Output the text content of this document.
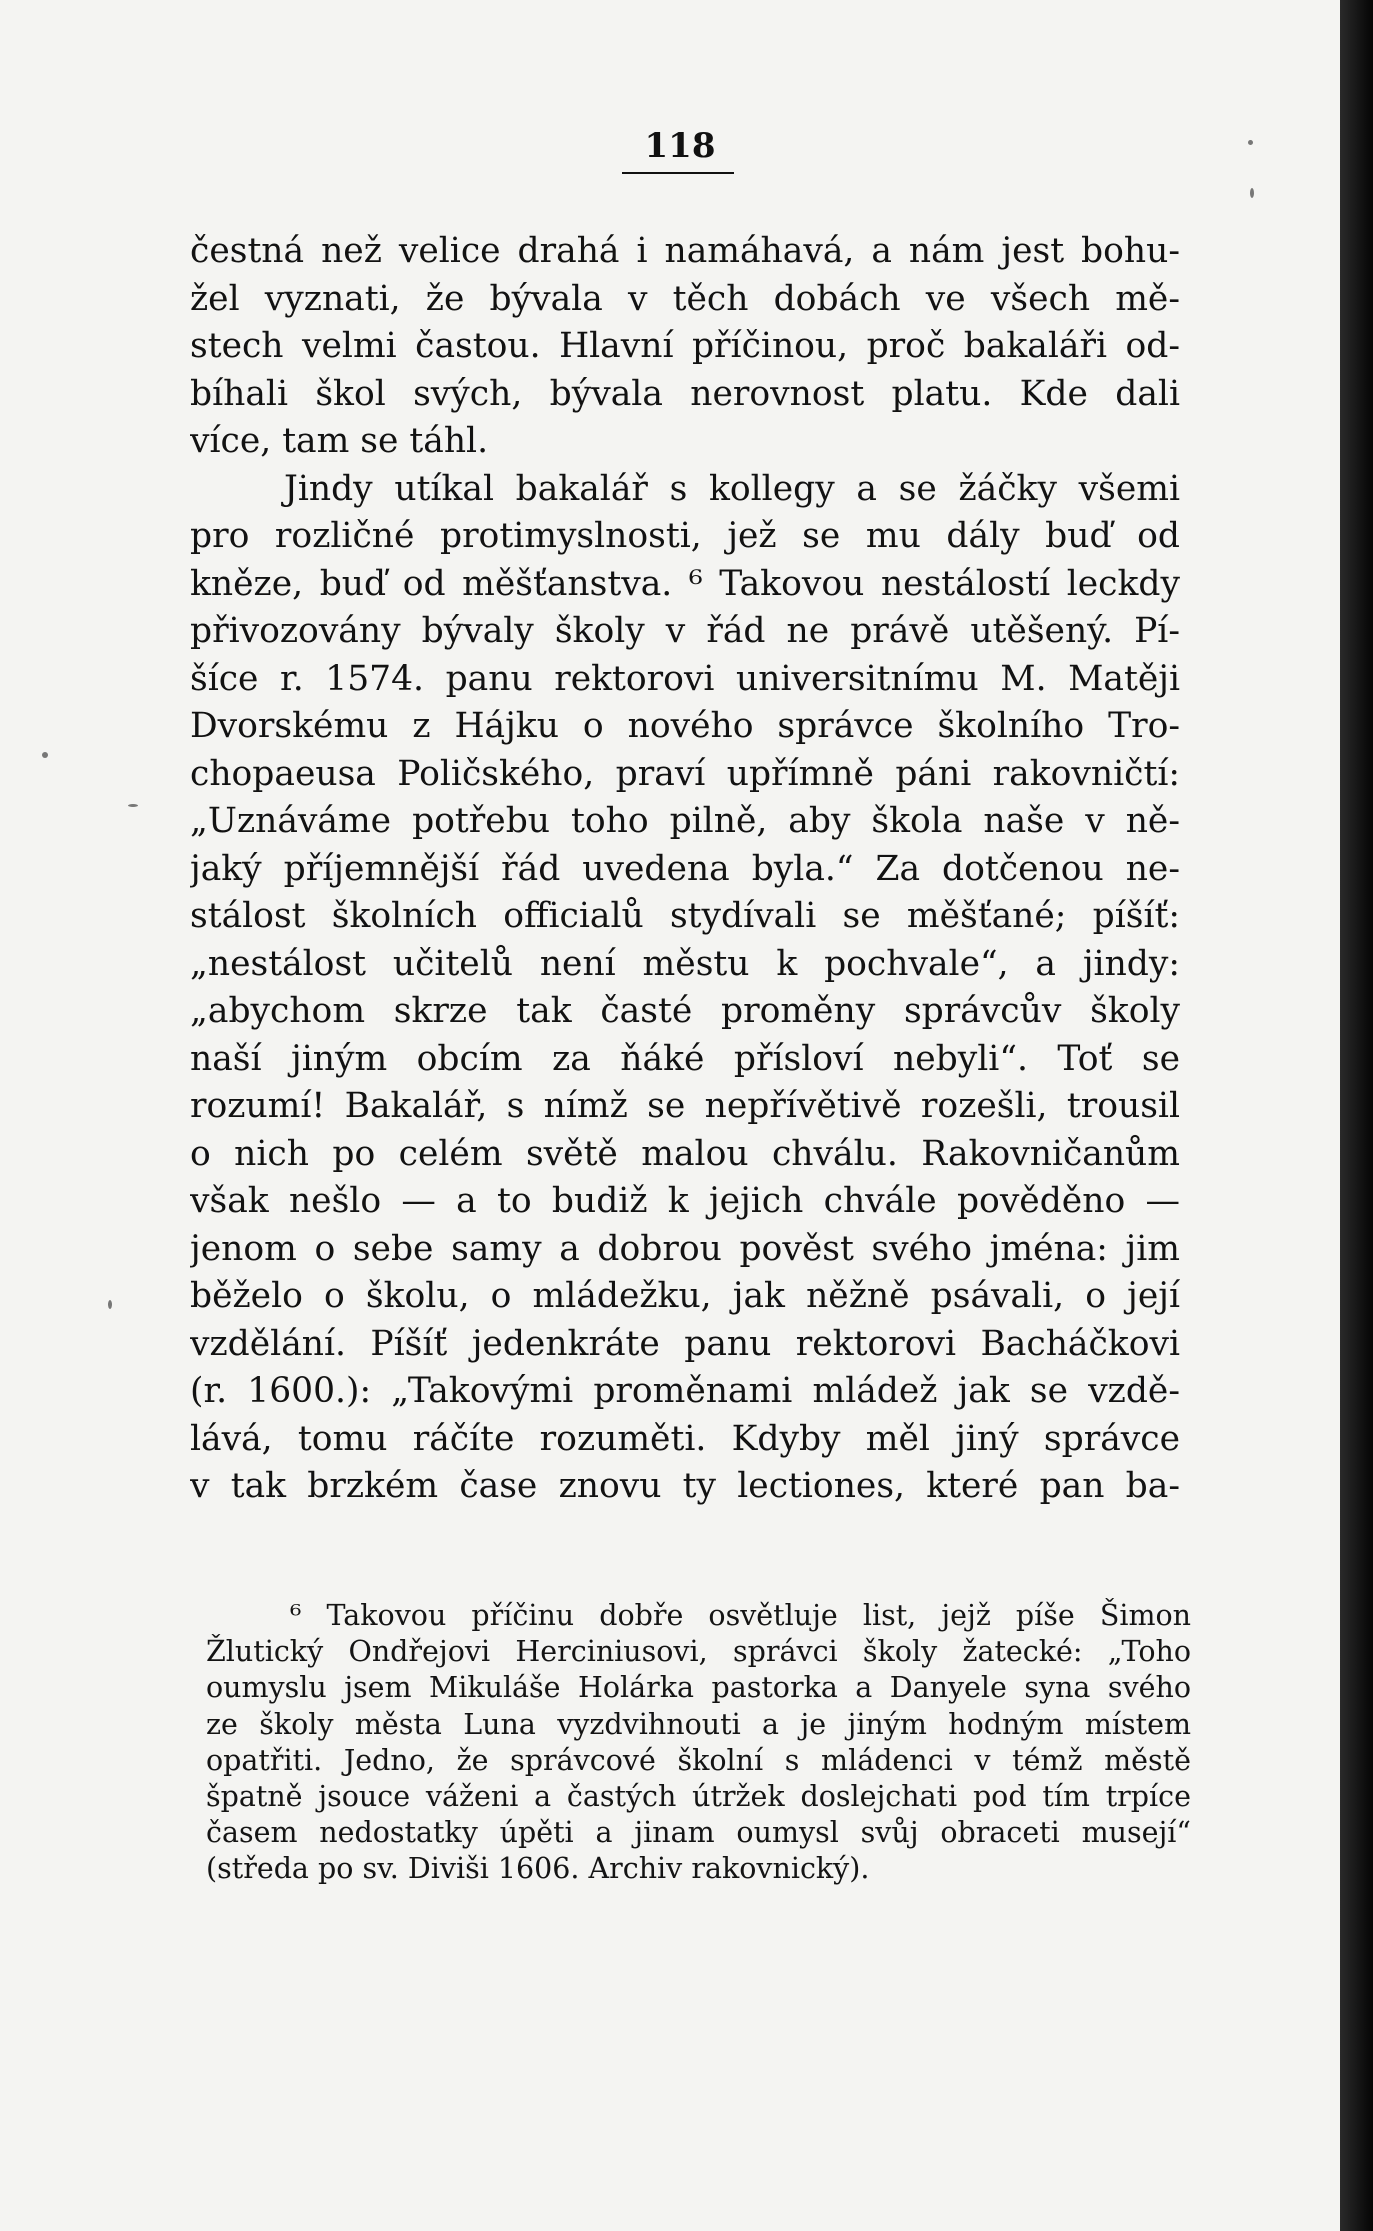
118
čestná než velice drahá i namáhavá, a nám jest bohu-
žel vyznati, že bývala v těch dobách ve všech mě-
stech velmi častou. Hlavní příčinou, proč bakaláři od-
bíhali škol svých, bývala nerovnost platu. Kde dali
více, tam se táhl.
Jindy utíkal bakalář s kollegy a se žáčky všemi
pro rozličné protimyslnosti, jež se mu dály buď od
kněze, buď od měšťanstva. ⁶ Takovou nestálostí leckdy
přivozovány bývaly školy v řád ne právě utěšený. Pí-
šíce r. 1574. panu rektorovi universitnímu M. Matěji
Dvorskému z Hájku o nového správce školního Tro-
chopaeusa Poličského, praví upřímně páni rakovničtí:
„Uznáváme potřebu toho pilně, aby škola naše v ně-
jaký příjemnější řád uvedena byla.“ Za dotčenou ne-
stálost školních officialů stydívali se měšťané; píšíť:
„nestálost učitelů není městu k pochvale“, a jindy:
„abychom skrze tak časté proměny správcův školy
naší jiným obcím za ňáké přísloví nebyli“. Toť se
rozumí! Bakalář, s nímž se nepřívětivě rozešli, trousil
o nich po celém světě malou chválu. Rakovničanům
však nešlo — a to budiž k jejich chvále pověděno —
jenom o sebe samy a dobrou pověst svého jména: jim
běželo o školu, o mládežku, jak něžně psávali, o její
vzdělání. Píšíť jedenkráte panu rektorovi Bacháčkovi
(r. 1600.): „Takovými proměnami mládež jak se vzdě-
lává, tomu ráčíte rozuměti. Kdyby měl jiný správce
v tak brzkém čase znovu ty lectiones, které pan ba-
⁶ Takovou příčinu dobře osvětluje list, jejž píše Šimon
Žlutický Ondřejovi Herciniusovi, správci školy žatecké: „Toho
oumyslu jsem Mikuláše Holárka pastorka a Danyele syna svého
ze školy města Luna vyzdvihnouti a je jiným hodným místem
opatřiti. Jedno, že správcové školní s mládenci v témž městě
špatně jsouce váženi a častých útržek doslejchati pod tím trpíce
časem nedostatky úpěti a jinam oumysl svůj obraceti musejí“
(středa po sv. Diviši 1606. Archiv rakovnický).
